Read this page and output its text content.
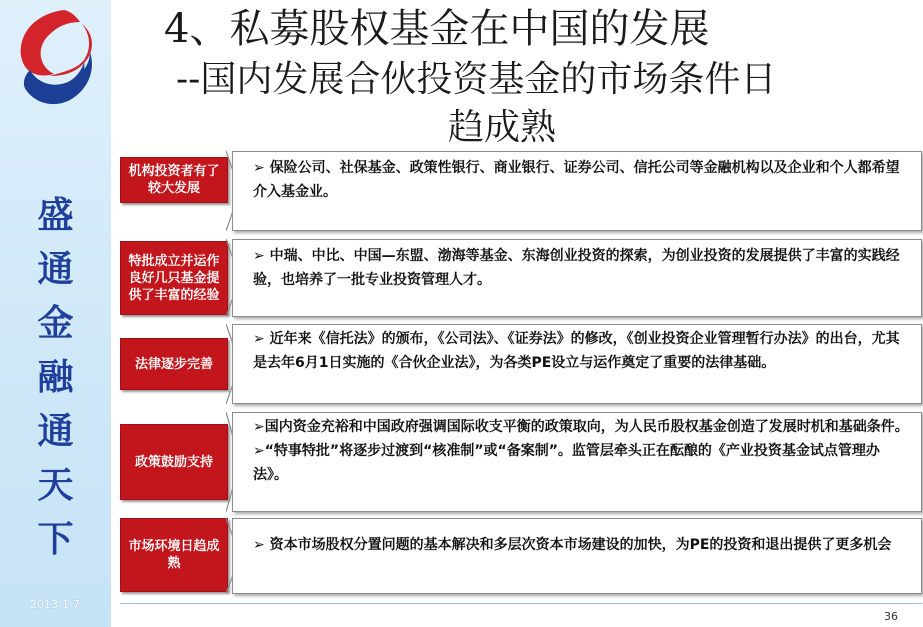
盛
通
金
融
通
天
下
2013-1-7
4、私募股权基金在中国的发展
--国内发展合伙投资基金的市场条件日
趋成熟
机构投资者有了较大发展

➢ 保险公司、社保基金、政策性银行、商业银行、证券公司、信托公司等金融机构以及企业和个人都希望介入基金业。

特批成立并运作良好几只基金提供了丰富的经验

➢ 中瑞、中比、中国—东盟、渤海等基金、东海创业投资的探索，为创业投资的发展提供了丰富的实践经验，也培养了一批专业投资管理人才。

法律逐步完善

➢ 近年来《信托法》的颁布，《公司法》、《证券法》的修改，《创业投资企业管理暂行办法》的出台，尤其是去年6月1日实施的《合伙企业法》，为各类PE设立与运作奠定了重要的法律基础。

政策鼓励支持

➢国内资金充裕和中国政府强调国际收支平衡的政策取向，为人民币股权基金创造了发展时机和基础条件。

➢“特事特批”将逐步过渡到“核准制”或“备案制”。监管层牵头正在酝酿的《产业投资基金试点管理办法》。

市场环境日趋成熟

➢ 资本市场股权分置问题的基本解决和多层次资本市场建设的加快，为PE的投资和退出提供了更多机会

36
